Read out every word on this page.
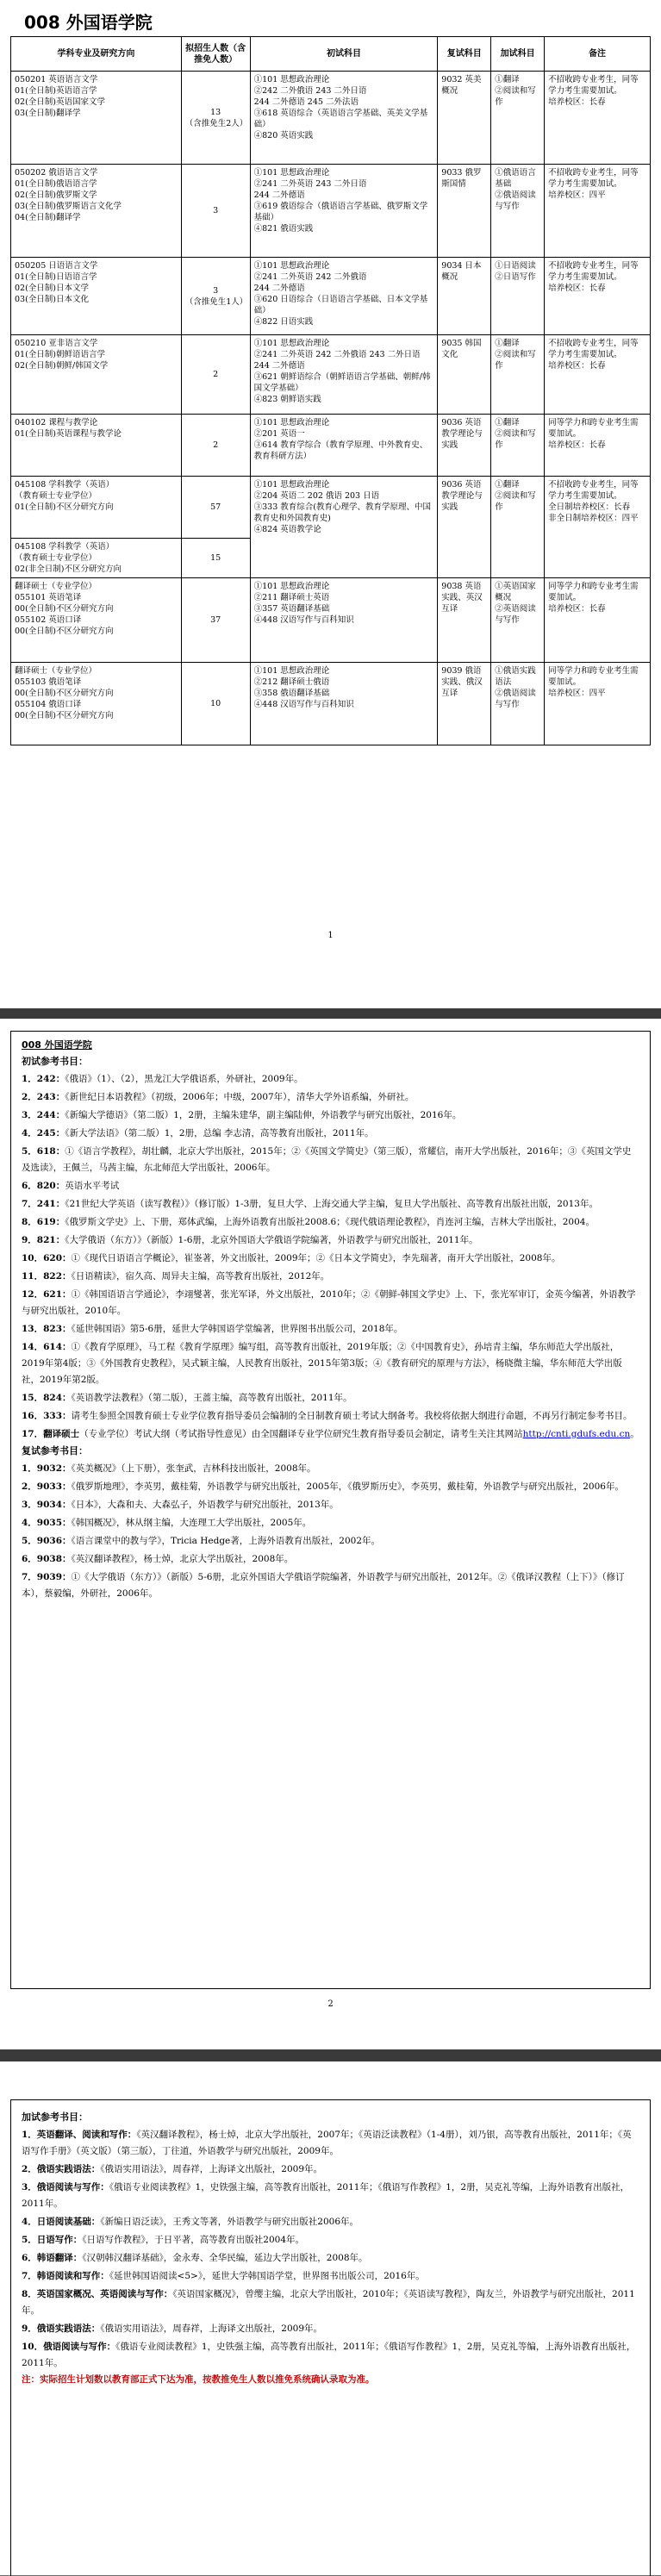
008 外国语学院
学科专业及研究方向	拟招生人数（含推免人数）	初试科目	复试科目	加试科目	备注

050201 英语语言文学
01(全日制)英语语言学
02(全日制)英语国家文学
03(全日制)翻译学	13
（含推免生2人）	①101 思想政治理论
②242 二外俄语 243 二外日语
244 二外德语 245 二外法语
③618 英语综合（英语语言学基础、英美文学基础）
④820 英语实践	9032 英美概况	①翻译
②阅读和写作	不招收跨专业考生，同等学力考生需要加试。
培养校区：长春

050202 俄语语言文学
01(全日制)俄语语言学
02(全日制)俄罗斯文学
03(全日制)俄罗斯语言文化学
04(全日制)翻译学	3	①101 思想政治理论
②241 二外英语 243 二外日语
244 二外德语
③619 俄语综合（俄语语言学基础、俄罗斯文学基础）
④821 俄语实践	9033 俄罗斯国情	①俄语语言基础
②俄语阅读与写作	不招收跨专业考生，同等学力考生需要加试。
培养校区：四平

050205 日语语言文学
01(全日制)日语语言学
02(全日制)日本文学
03(全日制)日本文化	3
（含推免生1人）	①101 思想政治理论
②241 二外英语 242 二外俄语
244 二外德语
③620 日语综合（日语语言学基础、日本文学基础）
④822 日语实践	9034 日本概况	①日语阅读
②日语写作	不招收跨专业考生，同等学力考生需要加试。
培养校区：长春

050210 亚非语言文学
01(全日制)朝鲜语语言学
02(全日制)朝鲜/韩国文学	2	①101 思想政治理论
②241 二外英语 242 二外俄语 243 二外日语 244 二外德语
③621 朝鲜语综合（朝鲜语语言学基础、朝鲜/韩国文学基础）
④823 朝鲜语实践	9035 韩国文化	①翻译
②阅读和写作	不招收跨专业考生，同等学力考生需要加试。
培养校区：长春

040102 课程与教学论
01(全日制)英语课程与教学论	2	①101 思想政治理论
②201 英语一
③614 教育学综合（教育学原理、中外教育史、教育科研方法）	9036 英语教学理论与实践	①翻译
②阅读和写作	同等学力和跨专业考生需要加试。
培养校区：长春

045108 学科教学（英语）
（教育硕士专业学位）
01(全日制)不区分研究方向	57	①101 思想政治理论
②204 英语二 202 俄语 203 日语
③333 教育综合(教育心理学、教育学原理、中国教育史和外国教育史)
④824 英语教学论	9036 英语教学理论与实践	①翻译
②阅读和写作	不招收跨专业考生，同等学力考生需要加试。
全日制培养校区：长春
非全日制培养校区：四平

045108 学科教学（英语）
（教育硕士专业学位）
02(非全日制)不区分研究方向	15				

翻译硕士（专业学位）
055101 英语笔译
00(全日制)不区分研究方向
055102 英语口译
00(全日制)不区分研究方向	37	①101 思想政治理论
②211 翻译硕士英语
③357 英语翻译基础
④448 汉语写作与百科知识	9038 英语实践、英汉互译	①英语国家概况
②英语阅读与写作	同等学力和跨专业考生需要加试。
培养校区：长春

翻译硕士（专业学位）
055103 俄语笔译
00(全日制)不区分研究方向
055104 俄语口译
00(全日制)不区分研究方向	10	①101 思想政治理论
②212 翻译硕士俄语
③358 俄语翻译基础
④448 汉语写作与百科知识	9039 俄语实践、俄汉互译	①俄语实践语法
②俄语阅读与写作	同等学力和跨专业考生需要加试。
培养校区：四平
1
008 外国语学院
初试参考书目：
1．242：《俄语》（1）、（2），黑龙江大学俄语系，外研社，2009年。
2．243：《新世纪日本语教程》（初级，2006年；中级，2007年），清华大学外语系编，外研社。
3．244：《新编大学德语》（第二版）1，2册，主编朱建华，副主编陆伸，外语教学与研究出版社，2016年。
4．245：《新大学法语》（第二版）1，2册，总编 李志清，高等教育出版社，2011年。
5．618：①《语言学教程》，胡壮麟，北京大学出版社，2015年；②《英国文学简史》（第三版），常耀信，南开大学出版社，2016年；③《英国文学史及选读》，王佩兰，马茜主编，东北师范大学出版社，2006年。
6．820：英语水平考试
7．241：《21世纪大学英语（读写教程）》（修订版）1-3册，复旦大学、上海交通大学主编，复旦大学出版社、高等教育出版社出版，2013年。
8．619：《俄罗斯文学史》上、下册，郑体武编，上海外语教育出版社2008.6；《现代俄语理论教程》，肖连河主编，吉林大学出版社，2004。
9．821：《大学俄语（东方）》（新版）1-6册，北京外国语大学俄语学院编著，外语教学与研究出版社，2011年。
10．620：①《现代日语语言学概论》，崔崟著，外文出版社，2009年；②《日本文学简史》，李先瑞著，南开大学出版社，2008年。
11．822：《日语精读》，宿久高、周异夫主编，高等教育出版社，2012年。
12．621：①《韩国语语言学通论》，李翊燮著，张光军译，外文出版社，2010年；②《朝鲜-韩国文学史》上、下，张光军审订，金英今编著，外语教学与研究出版社，2010年。
13．823：《延世韩国语》第5-6册，延世大学韩国语学堂编著，世界图书出版公司，2018年。
14．614：①《教育学原理》，马工程《教育学原理》编写组，高等教育出版社，2019年版；②《中国教育史》，孙培青主编，华东师范大学出版社，2019年第4版；③《外国教育史教程》，吴式颖主编，人民教育出版社，2015年第3版；④《教育研究的原理与方法》，杨晓微主编，华东师范大学出版社，2019年第2版。
15．824：《英语教学法教程》（第二版），王蔷主编，高等教育出版社，2011年。
16．333：请考生参照全国教育硕士专业学位教育指导委员会编制的全日制教育硕士考试大纲备考。我校将依据大纲进行命题，不再另行制定参考书目。
17．翻译硕士（专业学位）考试大纲（考试指导性意见）由全国翻译专业学位研究生教育指导委员会制定，请考生关注其网站http://cnti.gdufs.edu.cn。
复试参考书目：
1．9032：《英美概况》（上下册），张奎武，吉林科技出版社，2008年。
2．9033：《俄罗斯地理》，李英男，戴桂菊，外语教学与研究出版社，2005年，《俄罗斯历史》，李英男，戴桂菊，外语教学与研究出版社，2006年。
3．9034：《日本》，大森和夫、大森弘子，外语教学与研究出版社，2013年。
4．9035：《韩国概况》，林从纲主编，大连理工大学出版社，2005年。
5．9036：《语言课堂中的教与学》，Tricia Hedge著，上海外语教育出版社，2002年。
6．9038：《英汉翻译教程》，杨士焯，北京大学出版社，2008年。
7．9039：①《大学俄语（东方）》（新版）5-6册，北京外国语大学俄语学院编著，外语教学与研究出版社，2012年。②《俄译汉教程（上下）》（修订本），蔡毅编，外研社，2006年。
2
加试参考书目：
1．英语翻译、阅读和写作：《英汉翻译教程》，杨士焯，北京大学出版社，2007年；《英语泛读教程》（1-4册），刘乃银，高等教育出版社，2011年；《英语写作手册》（英文版）（第三版），丁往道，外语教学与研究出版社，2009年。
2．俄语实践语法：《俄语实用语法》，周春祥，上海译文出版社，2009年。
3．俄语阅读与写作：《俄语专业阅读教程》1，史铁强主编，高等教育出版社，2011年；《俄语写作教程》1，2册，吴克礼等编，上海外语教育出版社，2011年。
4．日语阅读基础：《新编日语泛读》，王秀文等著，外语教学与研究出版社2006年。
5．日语写作：《日语写作教程》，于日平著，高等教育出版社2004年。
6．韩语翻译：《汉朝韩汉翻译基础》，金永寿、全华民编，延边大学出版社，2008年。
7．韩语阅读和写作：《延世韩国语阅读<5>》，延世大学韩国语学堂，世界图书出版公司，2016年。
8．英语国家概况、英语阅读与写作：《英语国家概况》，曾缨主编，北京大学出版社，2010年；《英语读写教程》，陶友兰，外语教学与研究出版社，2011年。
9．俄语实践语法：《俄语实用语法》，周春祥，上海译文出版社，2009年。
10．俄语阅读与写作：《俄语专业阅读教程》1，史铁强主编，高等教育出版社，2011年；《俄语写作教程》1，2册，吴克礼等编，上海外语教育出版社，2011年。
注：实际招生计划数以教育部正式下达为准，按教推免生人数以推免系统确认录取为准。
